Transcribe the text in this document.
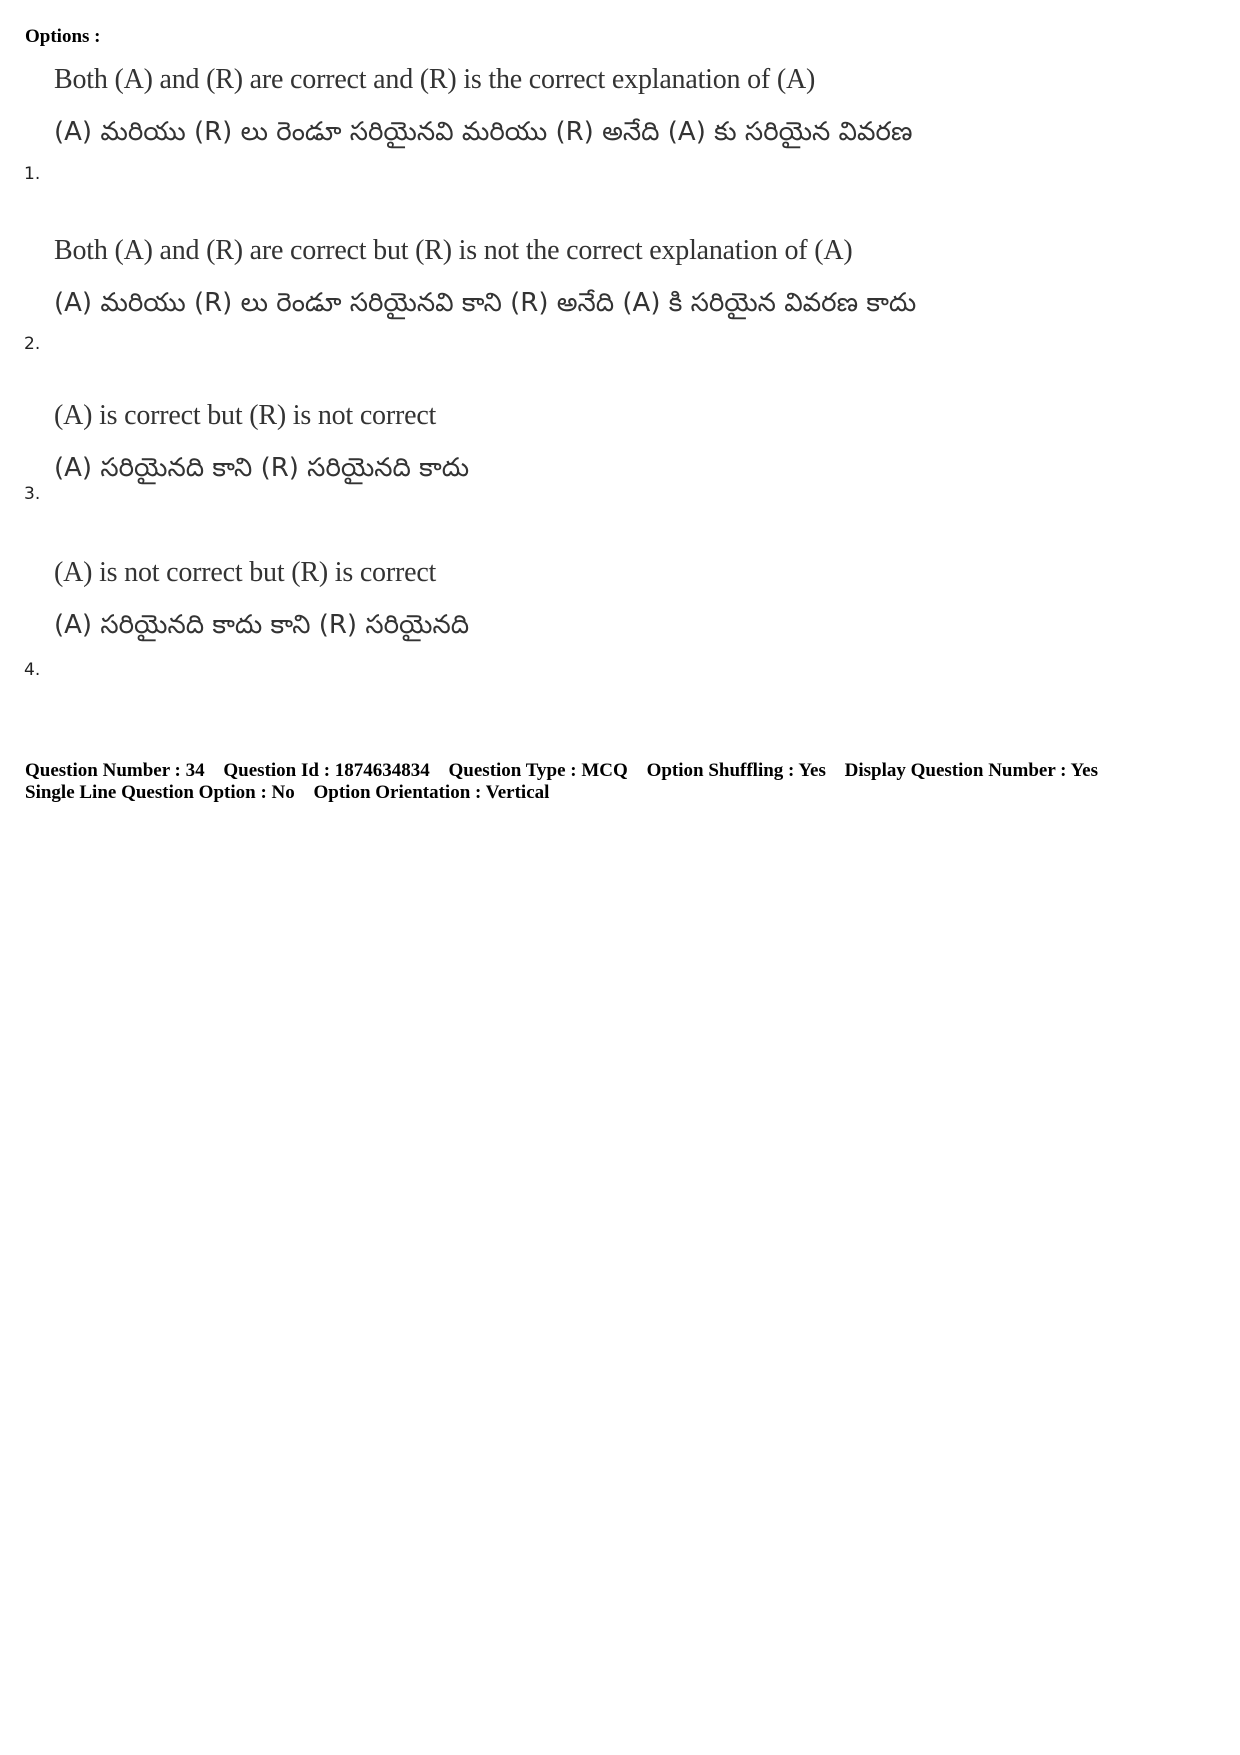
Options :

Both (A) and (R) are correct and (R) is the correct explanation of (A)
(A) మరియు (R) లు రెండూ సరియైనవి మరియు (R) అనేది (A) కు సరియైన వివరణ
1.
Both (A) and (R) are correct but (R) is not the correct explanation of (A)
(A) మరియు (R) లు రెండూ సరియైనవి కాని (R) అనేది (A) కి సరియైన వివరణ కాదు
2.
(A) is correct but (R) is not correct
(A) సరియైనది కాని (R) సరియైనది కాదు
3.
(A) is not correct but (R) is correct
(A) సరియైనది కాదు కాని (R) సరియైనది
4.
Question Number : 34 Question Id : 1874634834 Question Type : MCQ Option Shuffling : Yes Display Question Number : Yes
Single Line Question Option : No Option Orientation : Vertical
